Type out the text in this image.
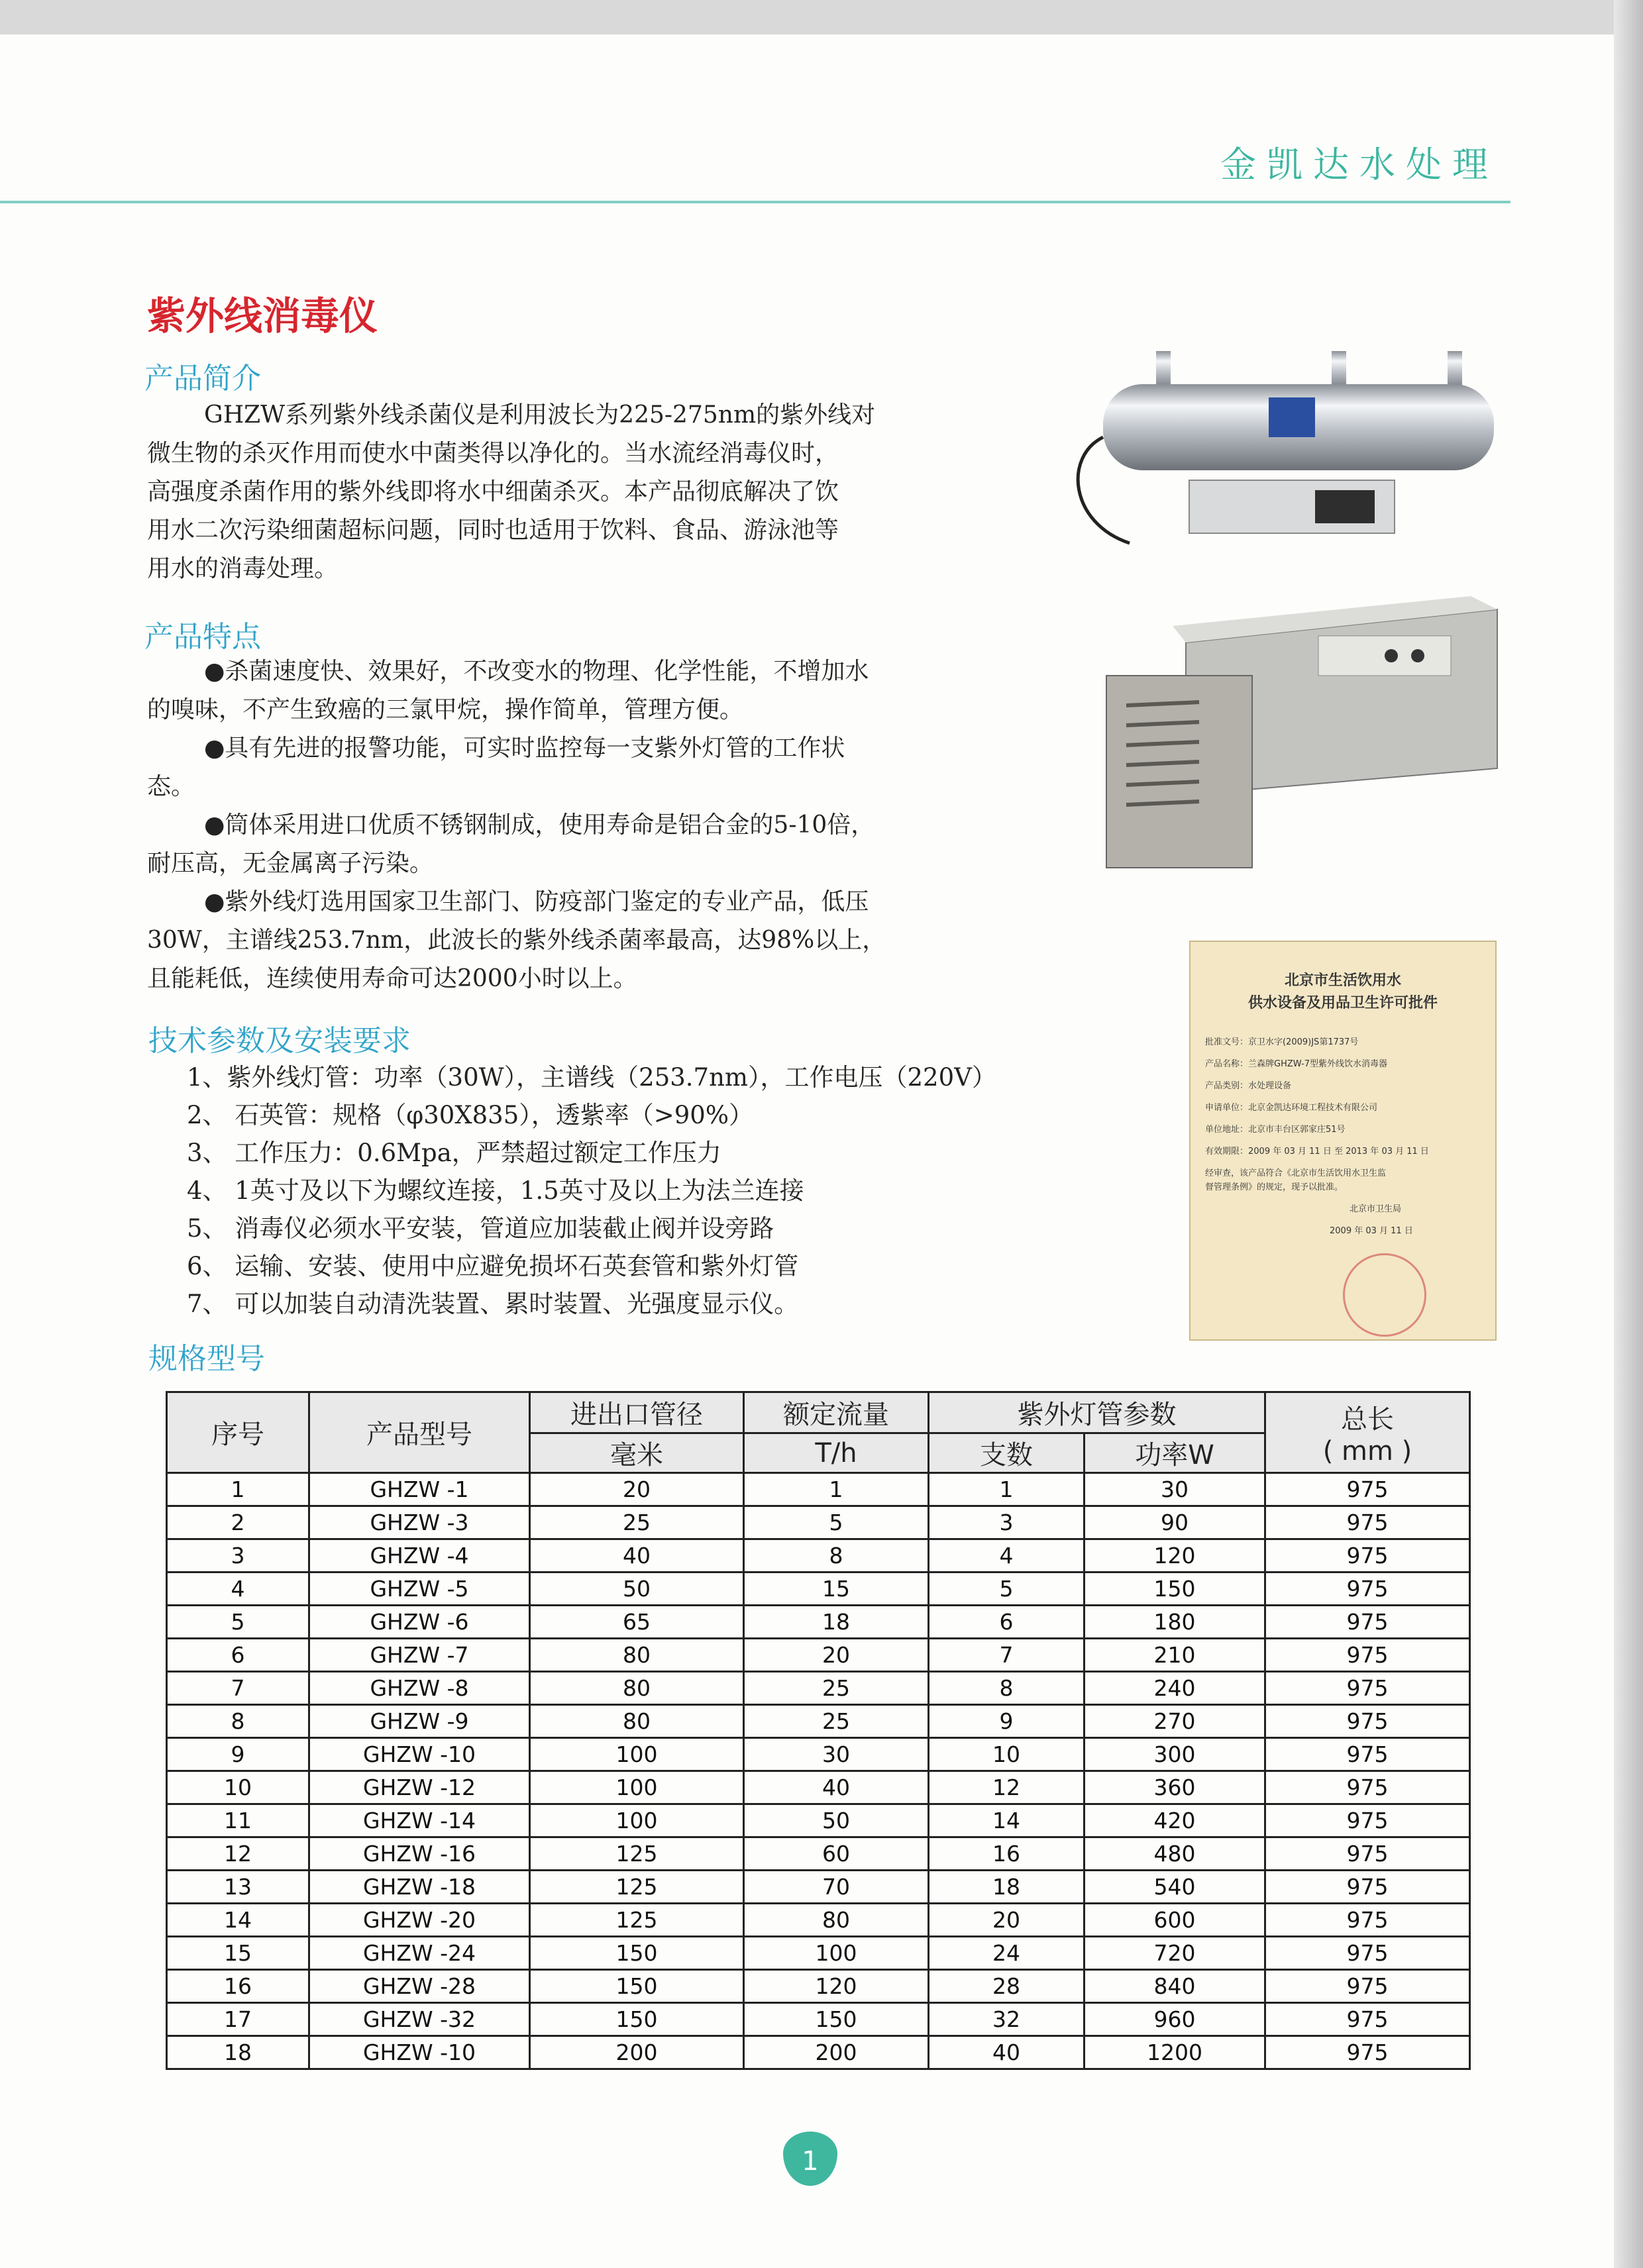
金凯达水处理
紫外线消毒仪
产品简介

GHZW系列紫外线杀菌仪是利用波长为225-275nm的紫外线对

微生物的杀灭作用而使水中菌类得以净化的。当水流经消毒仪时，

高强度杀菌作用的紫外线即将水中细菌杀灭。本产品彻底解决了饮

用水二次污染细菌超标问题，同时也适用于饮料、食品、游泳池等

用水的消毒处理。

产品特点

●杀菌速度快、效果好，不改变水的物理、化学性能，不增加水

的嗅味，不产生致癌的三氯甲烷，操作简单，管理方便。

●具有先进的报警功能，可实时监控每一支紫外灯管的工作状

态。

●筒体采用进口优质不锈钢制成，使用寿命是铝合金的5-10倍，

耐压高，无金属离子污染。

●紫外线灯选用国家卫生部门、防疫部门鉴定的专业产品，低压

30W，主谱线253.7nm，此波长的紫外线杀菌率最高，达98%以上，

且能耗低，连续使用寿命可达2000小时以上。

技术参数及安装要求
1、紫外线灯管：功率（30W），主谱线（253.7nm），工作电压（220V）
2、 石英管：规格（φ30X835），透紫率（>90%）
3、 工作压力：0.6Mpa，严禁超过额定工作压力
4、 1英寸及以下为螺纹连接，1.5英寸及以上为法兰连接
5、 消毒仪必须水平安装，管道应加装截止阀并设旁路
6、 运输、安装、使用中应避免损坏石英套管和紫外灯管
7、 可以加装自动清洗装置、累时装置、光强度显示仪。
规格型号
北京市生活饮用水
供水设备及用品卫生许可批件
批准文号：京卫水字(2009)JS第1737号
产品名称：兰森牌GHZW-7型紫外线饮水消毒器
产品类别：水处理设备
申请单位：北京金凯达环境工程技术有限公司
单位地址：北京市丰台区郭家庄51号
有效期限：2009 年 03 月 11 日 至 2013 年 03 月 11 日
经审查，该产品符合《北京市生活饮用水卫生监
督管理条例》的规定，现予以批准。
北京市卫生局
2009 年 03 月 11 日
序号	产品型号	进出口管径	额定流量	紫外灯管参数		总长
( mm )

		毫米	T/h	支数	功率W	
1	GHZW -1	20	1	1	30	975
2	GHZW -3	25	5	3	90	975
3	GHZW -4	40	8	4	120	975
4	GHZW -5	50	15	5	150	975
5	GHZW -6	65	18	6	180	975
6	GHZW -7	80	20	7	210	975
7	GHZW -8	80	25	8	240	975
8	GHZW -9	80	25	9	270	975
9	GHZW -10	100	30	10	300	975
10	GHZW -12	100	40	12	360	975
11	GHZW -14	100	50	14	420	975
12	GHZW -16	125	60	16	480	975
13	GHZW -18	125	70	18	540	975
14	GHZW -20	125	80	20	600	975
15	GHZW -24	150	100	24	720	975
16	GHZW -28	150	120	28	840	975
17	GHZW -32	150	150	32	960	975
18	GHZW -10	200	200	40	1200	975
1
